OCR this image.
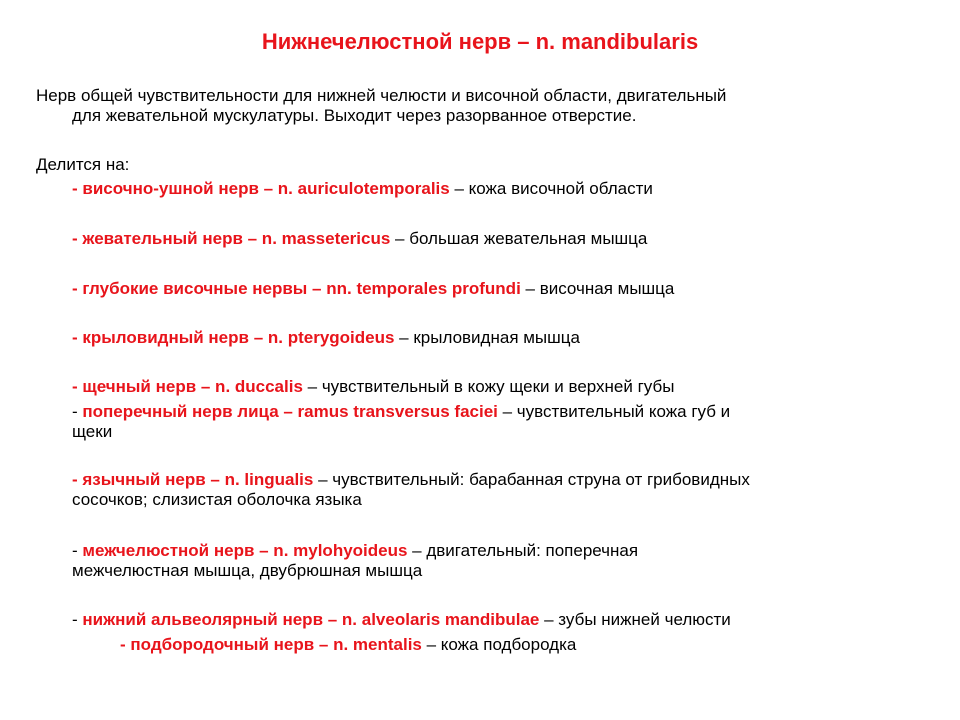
Нижнечелюстной нерв – n. mandibularis
Нерв общей чувствительности для нижней челюсти и височной области, двигательный
для жевательной мускулатуры. Выходит через разорванное отверстие.
Делится на:
- височно-ушной нерв – n. auriculotemporalis – кожа височной области
- жевательный нерв – n. massetericus – большая жевательная мышца
- глубокие височные нервы – nn. temporales profundi – височная мышца
- крыловидный нерв – n. pterygoideus – крыловидная мышца
- щечный нерв – n. duccalis – чувствительный в кожу щеки и верхней губы
- поперечный нерв лица – ramus transversus faciei – чувствительный кожа губ и
щеки
- язычный нерв – n. lingualis – чувствительный: барабанная струна от грибовидных
сосочков; слизистая оболочка языка
- межчелюстной нерв – n. mylohyoideus – двигательный: поперечная
межчелюстная мышца, двубрюшная мышца
- нижний альвеолярный нерв – n. alveolaris mandibulae – зубы нижней челюсти
- подбородочный нерв – n. mentalis – кожа подбородка
